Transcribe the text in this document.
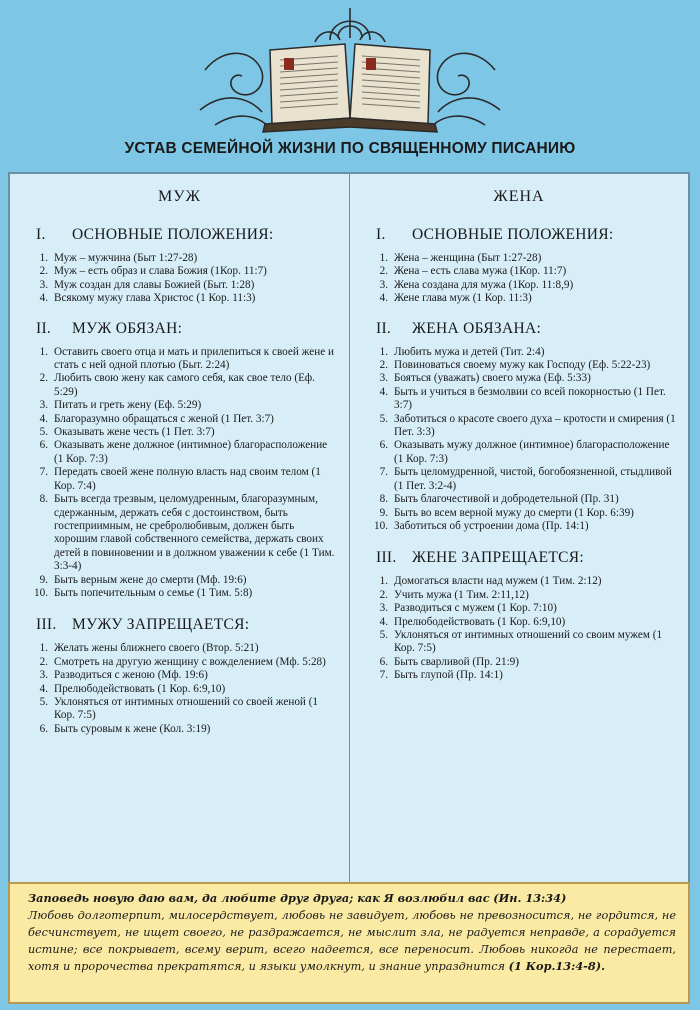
УСТАВ СЕМЕЙНОЙ ЖИЗНИ ПО СВЯЩЕННОМУ ПИСАНИЮ
МУЖ
I. ОСНОВНЫЕ ПОЛОЖЕНИЯ:
1. Муж – мужчина (Быт 1:27-28)
2. Муж – есть образ и слава Божия (1Кор. 11:7)
3. Муж создан для славы Божией (Быт. 1:28)
4. Всякому мужу глава Христос (1 Кор. 11:3)
II. МУЖ ОБЯЗАН:
1. Оставить своего отца и мать и прилепиться к своей жене и стать с ней одной плотью (Быт. 2:24)
2. Любить свою жену как самого себя, как свое тело (Еф. 5:29)
3. Питать и греть жену (Еф. 5:29)
4. Благоразумно обращаться с женой (1 Пет. 3:7)
5. Оказывать жене честь (1 Пет. 3:7)
6. Оказывать жене должное (интимное) благорасположение (1 Кор. 7:3)
7. Передать своей жене полную власть над своим телом (1 Кор. 7:4)
8. Быть всегда трезвым, целомудренным, благоразумным, сдержанным, держать себя с достоинством, быть гостеприимным, не сребролюбивым, должен быть хорошим главой собственного семейства, держать своих детей в повиновении и в должном уважении к себе (1 Тим. 3:3-4)
9. Быть верным жене до смерти (Мф. 19:6)
10. Быть попечительным о семье (1 Тим. 5:8)
III. МУЖУ ЗАПРЕЩАЕТСЯ:
1. Желать жены ближнего своего (Втор. 5:21)
2. Смотреть на другую женщину с вожделением (Мф. 5:28)
3. Разводиться с женою (Мф. 19:6)
4. Прелюбодействовать (1 Кор. 6:9,10)
5. Уклоняться от интимных отношений со своей женой (1 Кор. 7:5)
6. Быть суровым к жене (Кол. 3:19)
ЖЕНА
I. ОСНОВНЫЕ ПОЛОЖЕНИЯ:
1. Жена – женщина (Быт 1:27-28)
2. Жена – есть слава мужа (1Кор. 11:7)
3. Жена создана для мужа (1Кор. 11:8,9)
4. Жене глава муж (1 Кор. 11:3)
II. ЖЕНА ОБЯЗАНА:
1. Любить мужа и детей (Тит. 2:4)
2. Повиноваться своему мужу как Господу (Еф. 5:22-23)
3. Бояться (уважать) своего мужа (Еф. 5:33)
4. Быть и учиться в безмолвии со всей покорностью (1 Пет. 3:7)
5. Заботиться о красоте своего духа – кротости и смирения (1 Пет. 3:3)
6. Оказывать мужу должное (интимное) благорасположение (1 Кор. 7:3)
7. Быть целомудренной, чистой, богобоязненной, стыдливой (1 Пет. 3:2-4)
8. Быть благочестивой и добродетельной (Пр. 31)
9. Быть во всем верной мужу до смерти (1 Кор. 6:39)
10. Заботиться об устроении дома (Пр. 14:1)
III. ЖЕНЕ ЗАПРЕЩАЕТСЯ:
1. Домогаться власти над мужем (1 Тим. 2:12)
2. Учить мужа (1 Тим. 2:11,12)
3. Разводиться с мужем (1 Кор. 7:10)
4. Прелюбодействовать (1 Кор. 6:9,10)
5. Уклоняться от интимных отношений со своим мужем (1 Кор. 7:5)
6. Быть сварливой (Пр. 21:9)
7. Быть глупой (Пр. 14:1)
Заповедь новую даю вам, да любите друг друга; как Я возлюбил вас (Ин. 13:34)
Любовь долготерпит, милосердствует, любовь не завидует, любовь не превозносится, не гордится, не бесчинствует, не ищет своего, не раздражается, не мыслит зла, не радуется неправде, а сорадуется истине; все покрывает, всему верит, всего надеется, все переносит. Любовь никогда не перестает, хотя и пророчества прекратятся, и языки умолкнут, и знание упразднится (1 Кор.13:4-8).
